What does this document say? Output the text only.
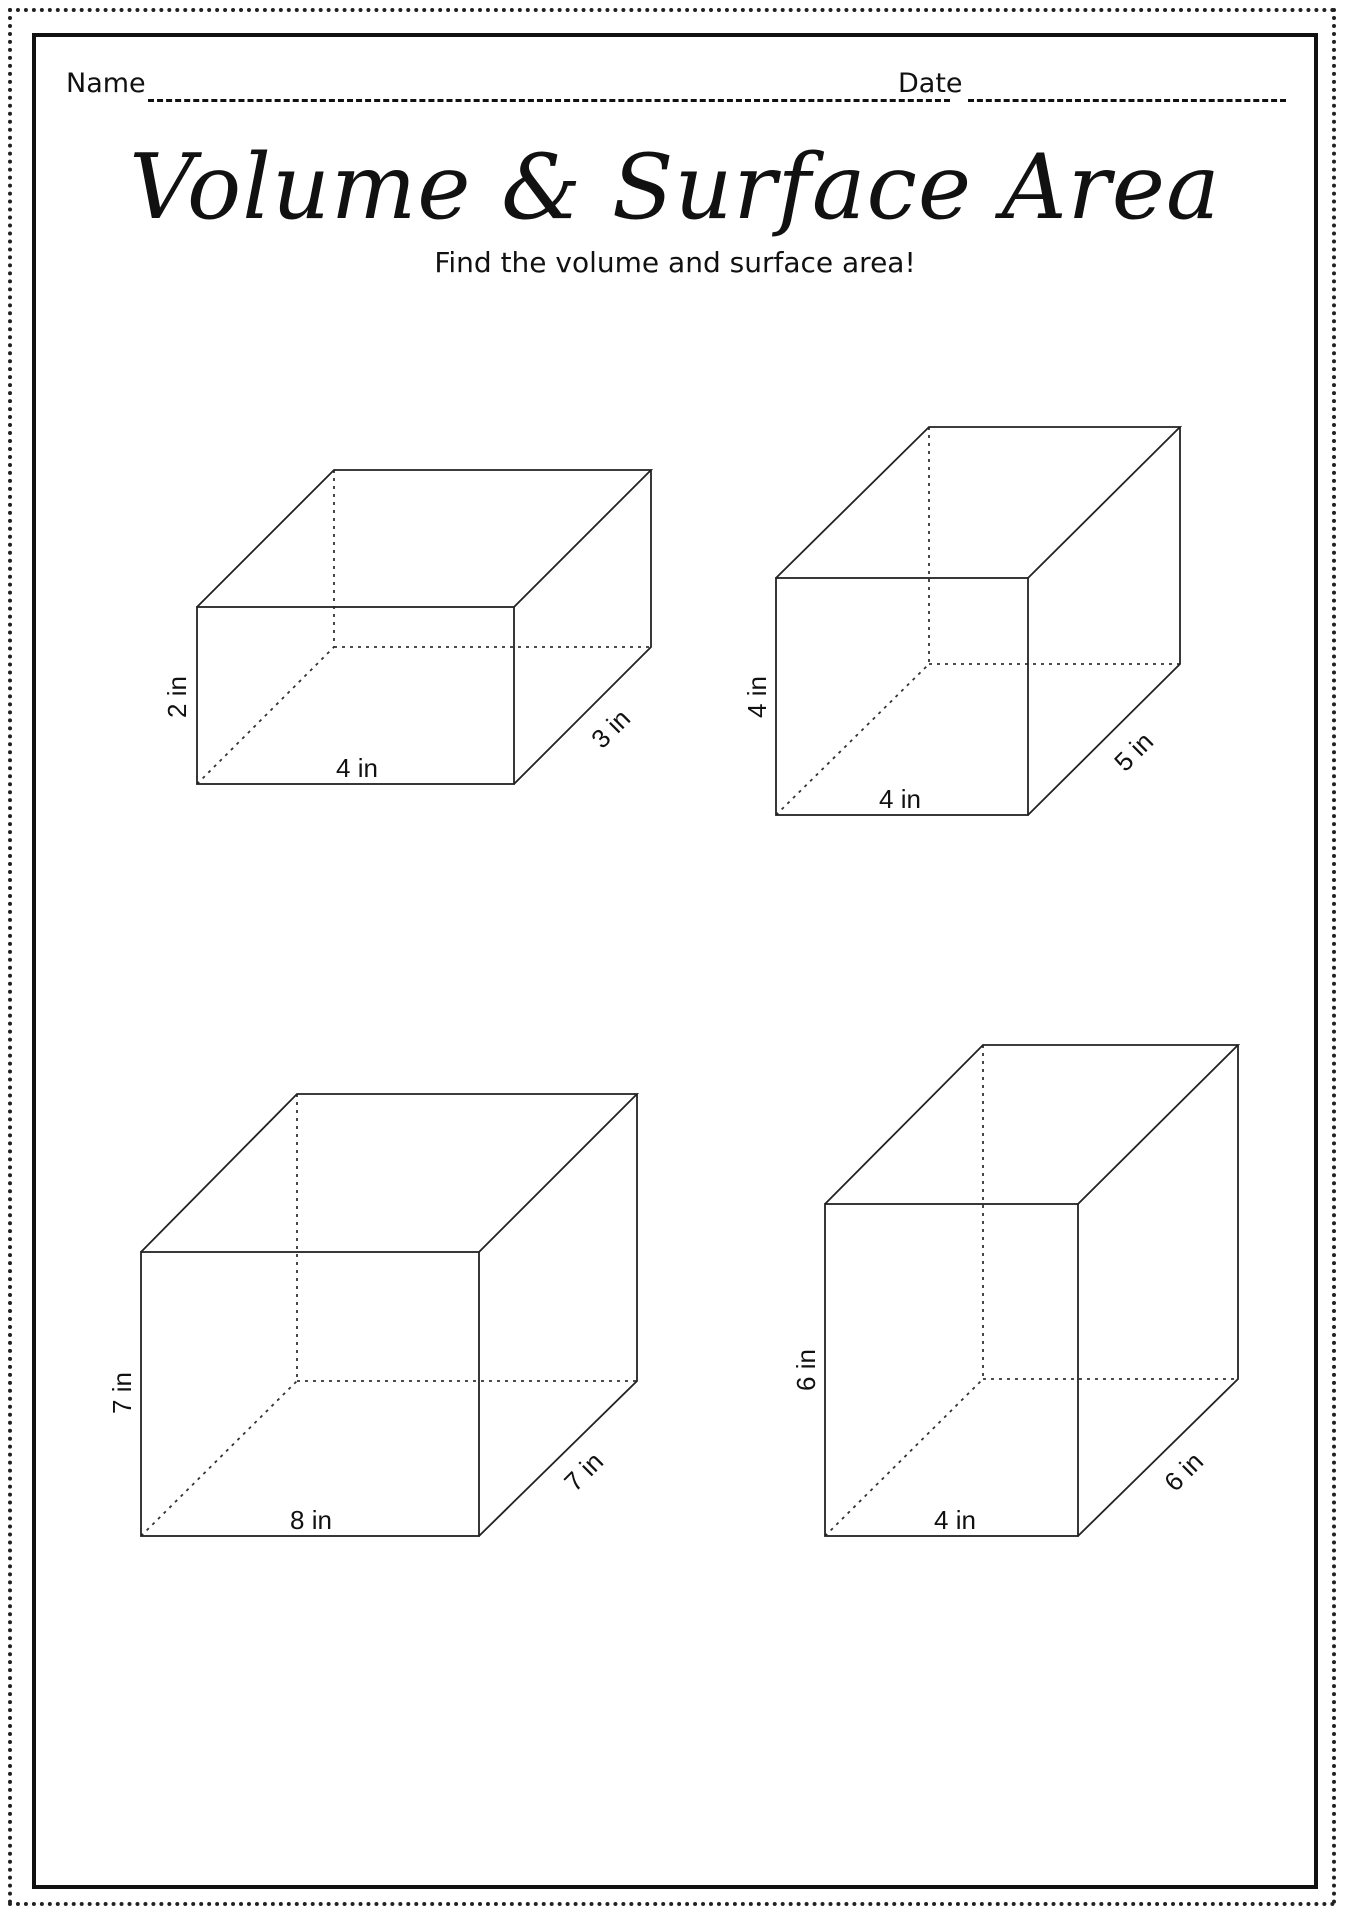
Name	Date
Volume & Surface Area
Find the volume and surface area!
2 in
4 in
3 in
4 in
4 in
5 in
7 in
8 in
7 in
6 in
4 in
6 in
